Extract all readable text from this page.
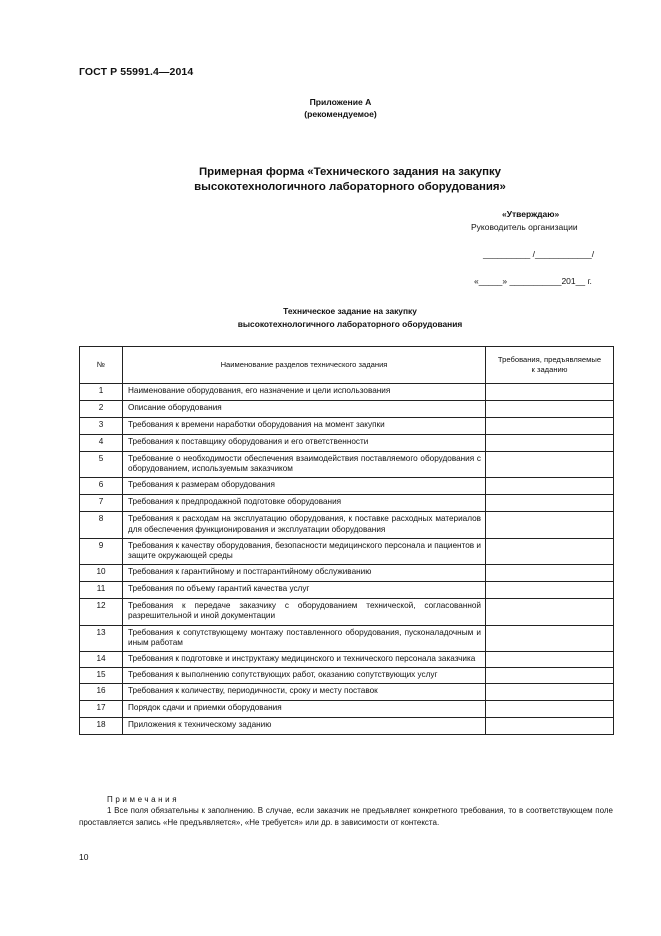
ГОСТ Р 55991.4—2014
Приложение А
(рекомендуемое)
Примерная форма «Технического задания на закупку
высокотехнологичного лабораторного оборудования»
«Утверждаю»
Руководитель организации
__________ /____________/
«_____» ___________201__ г.
Техническое задание на закупку
высокотехнологичного лабораторного оборудования
№	Наименование разделов технического задания	Требования, предъявляемые
к заданию
1	Наименование оборудования, его назначение и цели использования	
2	Описание оборудования	
3	Требования к времени наработки оборудования на момент закупки	
4	Требования к поставщику оборудования и его ответственности	
5	Требование о необходимости обеспечения взаимодействия поставляемого оборудования с оборудованием, используемым заказчиком	
6	Требования к размерам оборудования	
7	Требования к предпродажной подготовке оборудования	
8	Требования к расходам на эксплуатацию оборудования, к поставке расходных материалов для обеспечения функционирования и эксплуатации оборудования	
9	Требования к качеству оборудования, безопасности медицинского персонала и пациентов и защите окружающей среды	
10	Требования к гарантийному и постгарантийному обслуживанию	
11	Требования по объему гарантий качества услуг	
12	Требования к передаче заказчику с оборудованием технической, согласованной разрешительной и иной документации	
13	Требования к сопутствующему монтажу поставленного оборудования, пусконаладочным и иным работам	
14	Требования к подготовке и инструктажу медицинского и технического персонала заказчика	
15	Требования к выполнению сопутствующих работ, оказанию сопутствующих услуг	
16	Требования к количеству, периодичности, сроку и месту поставок	
17	Порядок сдачи и приемки оборудования	
18	Приложения к техническому заданию	
Примечания
1 Все поля обязательны к заполнению. В случае, если заказчик не предъявляет конкретного требования, то в соответствующем поле проставляется запись «Не предъявляется», «Не требуется» или др. в зависимости от контекста.
10
